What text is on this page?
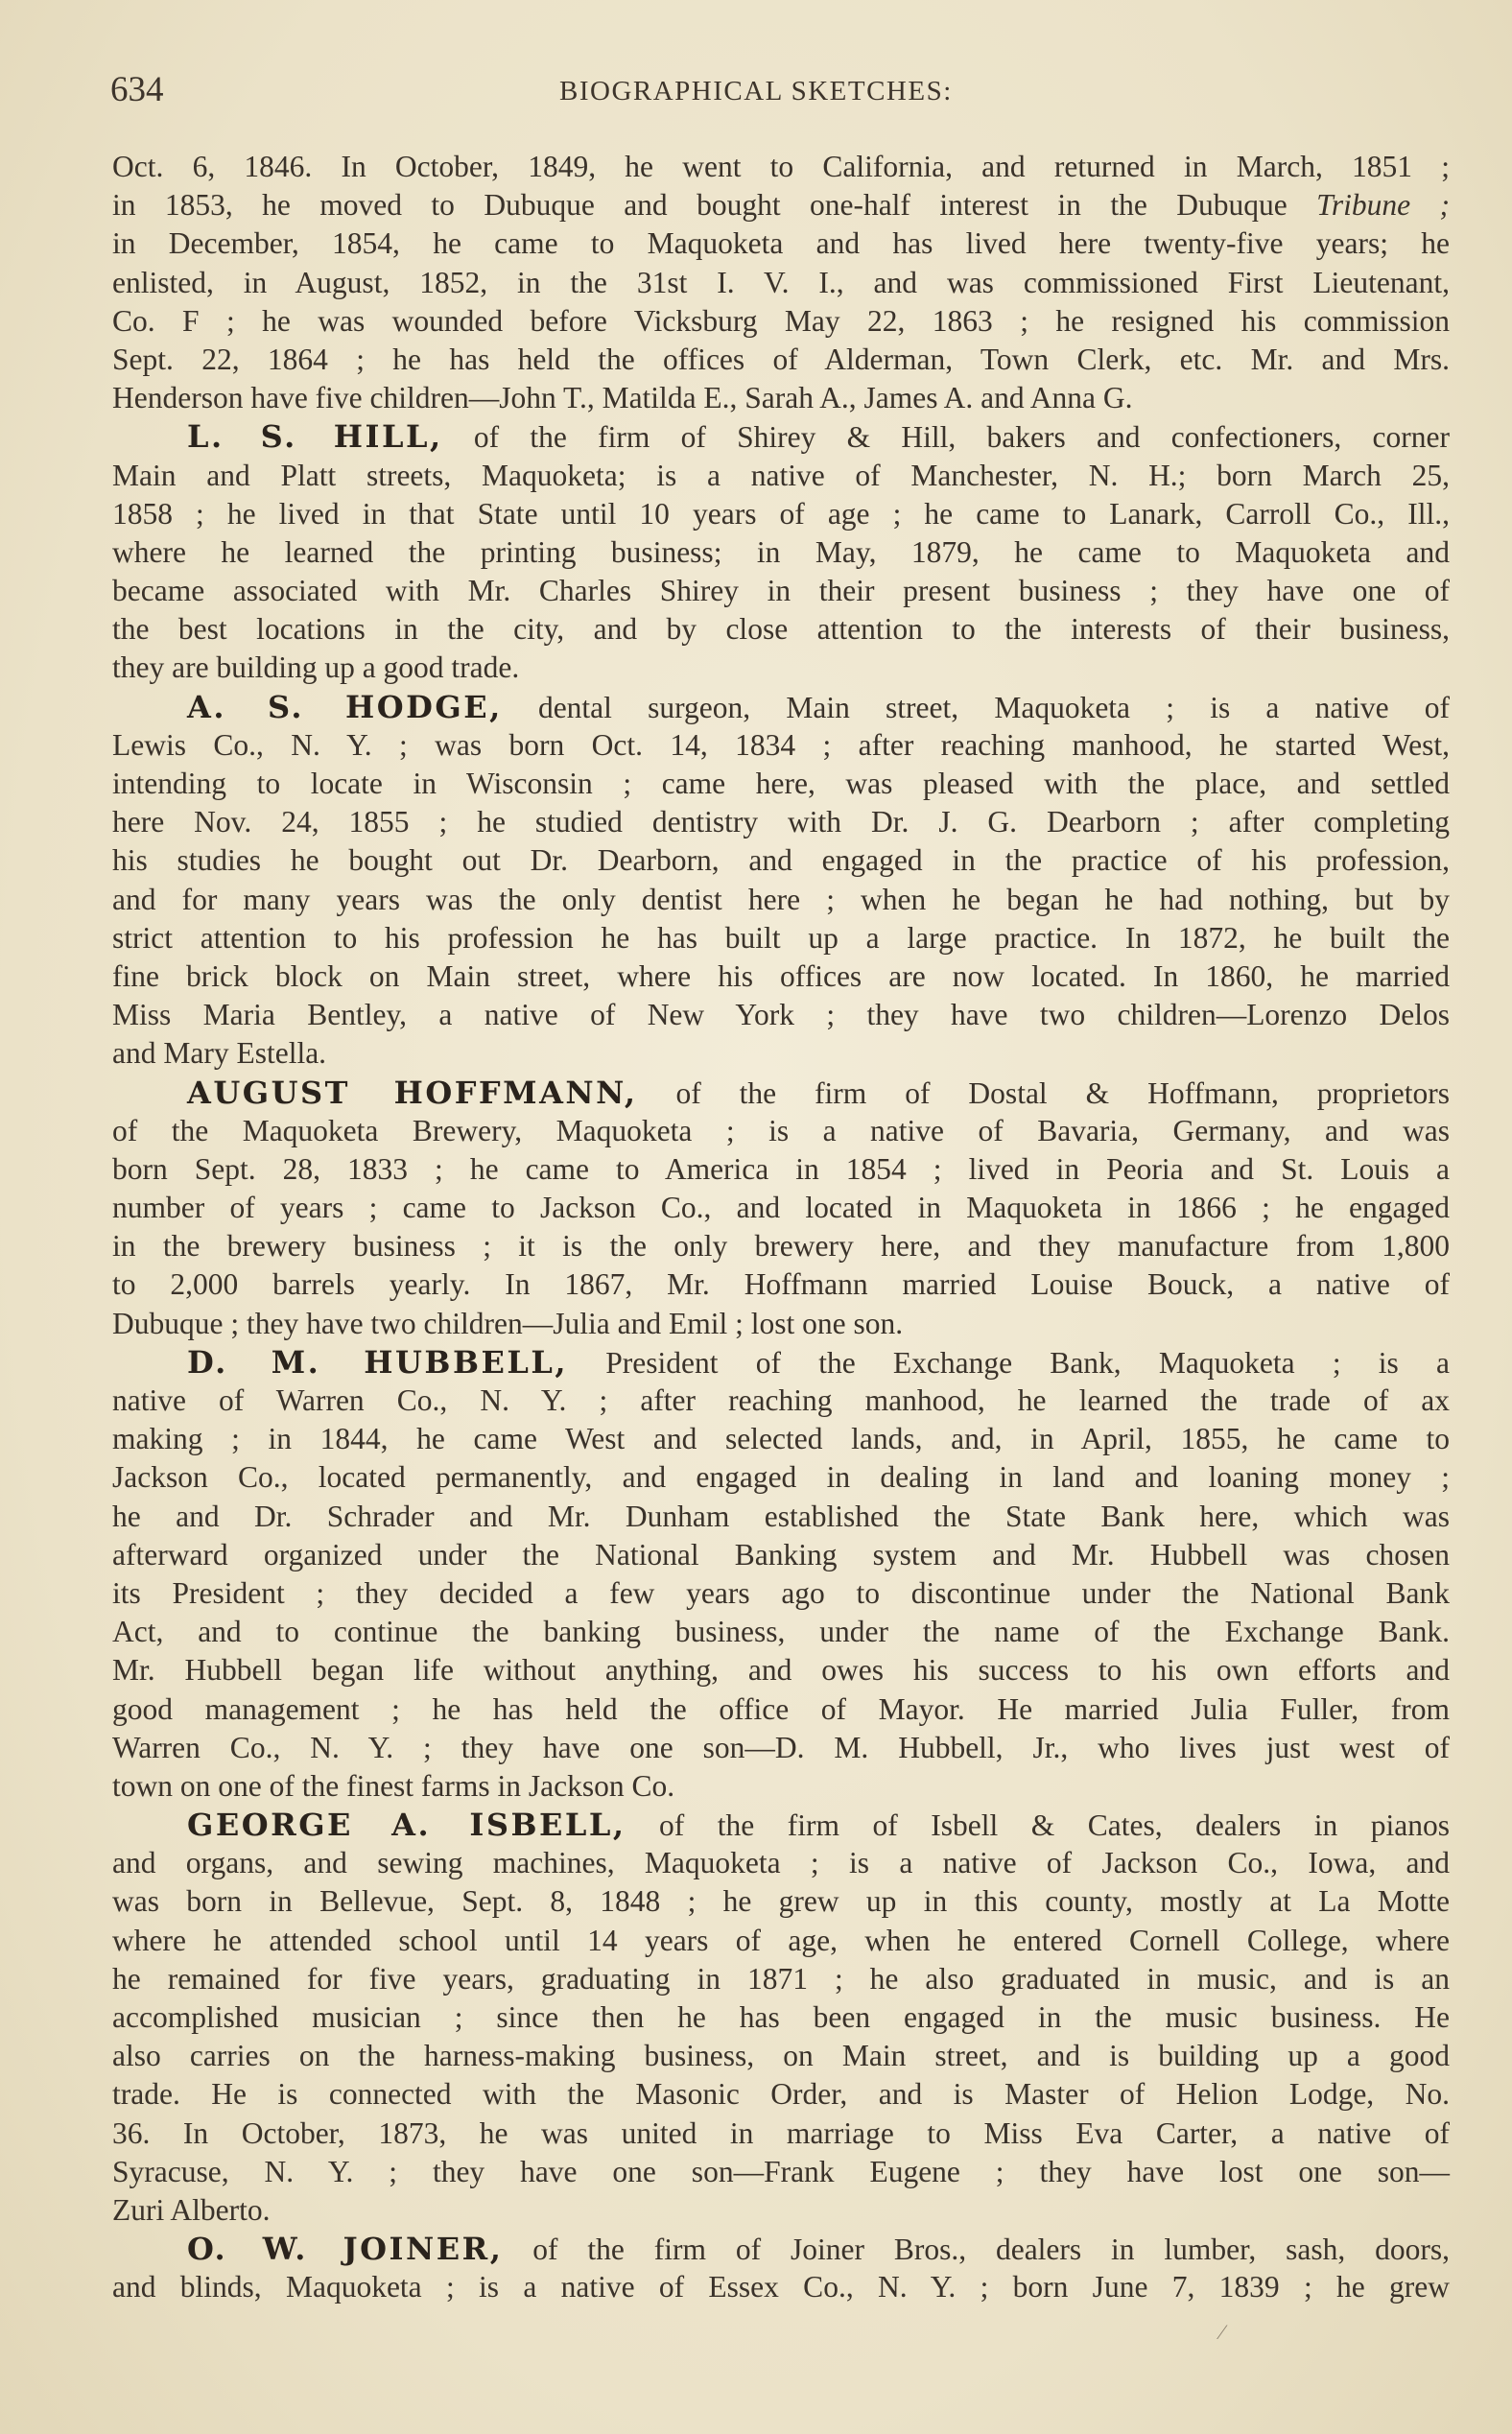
634	BIOGRAPHICAL SKETCHES:
Oct. 6, 1846. In October, 1849, he went to California, and returned in March, 1851 ;
in 1853, he moved to Dubuque and bought one-half interest in the Dubuque Tribune ;
in December, 1854, he came to Maquoketa and has lived here twenty-five years; he
enlisted, in August, 1852, in the 31st I. V. I., and was commissioned First Lieutenant,
Co. F ; he was wounded before Vicksburg May 22, 1863 ; he resigned his commission
Sept. 22, 1864 ; he has held the offices of Alderman, Town Clerk, etc. Mr. and Mrs.
Henderson have five children—John T., Matilda E., Sarah A., James A. and Anna G.
L. S. HILL, of the firm of Shirey & Hill, bakers and confectioners, corner
Main and Platt streets, Maquoketa; is a native of Manchester, N. H.; born March 25,
1858 ; he lived in that State until 10 years of age ; he came to Lanark, Carroll Co., Ill.,
where he learned the printing business; in May, 1879, he came to Maquoketa and
became associated with Mr. Charles Shirey in their present business ; they have one of
the best locations in the city, and by close attention to the interests of their business,
they are building up a good trade.
A. S. HODGE, dental surgeon, Main street, Maquoketa ; is a native of
Lewis Co., N. Y. ; was born Oct. 14, 1834 ; after reaching manhood, he started West,
intending to locate in Wisconsin ; came here, was pleased with the place, and settled
here Nov. 24, 1855 ; he studied dentistry with Dr. J. G. Dearborn ; after completing
his studies he bought out Dr. Dearborn, and engaged in the practice of his profession,
and for many years was the only dentist here ; when he began he had nothing, but by
strict attention to his profession he has built up a large practice. In 1872, he built the
fine brick block on Main street, where his offices are now located. In 1860, he married
Miss Maria Bentley, a native of New York ; they have two children—Lorenzo Delos
and Mary Estella.
AUGUST HOFFMANN, of the firm of Dostal & Hoffmann, proprietors
of the Maquoketa Brewery, Maquoketa ; is a native of Bavaria, Germany, and was
born Sept. 28, 1833 ; he came to America in 1854 ; lived in Peoria and St. Louis a
number of years ; came to Jackson Co., and located in Maquoketa in 1866 ; he engaged
in the brewery business ; it is the only brewery here, and they manufacture from 1,800
to 2,000 barrels yearly. In 1867, Mr. Hoffmann married Louise Bouck, a native of
Dubuque ; they have two children—Julia and Emil ; lost one son.
D. M. HUBBELL, President of the Exchange Bank, Maquoketa ; is a
native of Warren Co., N. Y. ; after reaching manhood, he learned the trade of ax
making ; in 1844, he came West and selected lands, and, in April, 1855, he came to
Jackson Co., located permanently, and engaged in dealing in land and loaning money ;
he and Dr. Schrader and Mr. Dunham established the State Bank here, which was
afterward organized under the National Banking system and Mr. Hubbell was chosen
its President ; they decided a few years ago to discontinue under the National Bank
Act, and to continue the banking business, under the name of the Exchange Bank.
Mr. Hubbell began life without anything, and owes his success to his own efforts and
good management ; he has held the office of Mayor. He married Julia Fuller, from
Warren Co., N. Y. ; they have one son—D. M. Hubbell, Jr., who lives just west of
town on one of the finest farms in Jackson Co.
GEORGE A. ISBELL, of the firm of Isbell & Cates, dealers in pianos
and organs, and sewing machines, Maquoketa ; is a native of Jackson Co., Iowa, and
was born in Bellevue, Sept. 8, 1848 ; he grew up in this county, mostly at La Motte
where he attended school until 14 years of age, when he entered Cornell College, where
he remained for five years, graduating in 1871 ; he also graduated in music, and is an
accomplished musician ; since then he has been engaged in the music business. He
also carries on the harness-making business, on Main street, and is building up a good
trade. He is connected with the Masonic Order, and is Master of Helion Lodge, No.
36. In October, 1873, he was united in marriage to Miss Eva Carter, a native of
Syracuse, N. Y. ; they have one son—Frank Eugene ; they have lost one son—
Zuri Alberto.
O. W. JOINER, of the firm of Joiner Bros., dealers in lumber, sash, doors,
and blinds, Maquoketa ; is a native of Essex Co., N. Y. ; born June 7, 1839 ; he grew
⁄
